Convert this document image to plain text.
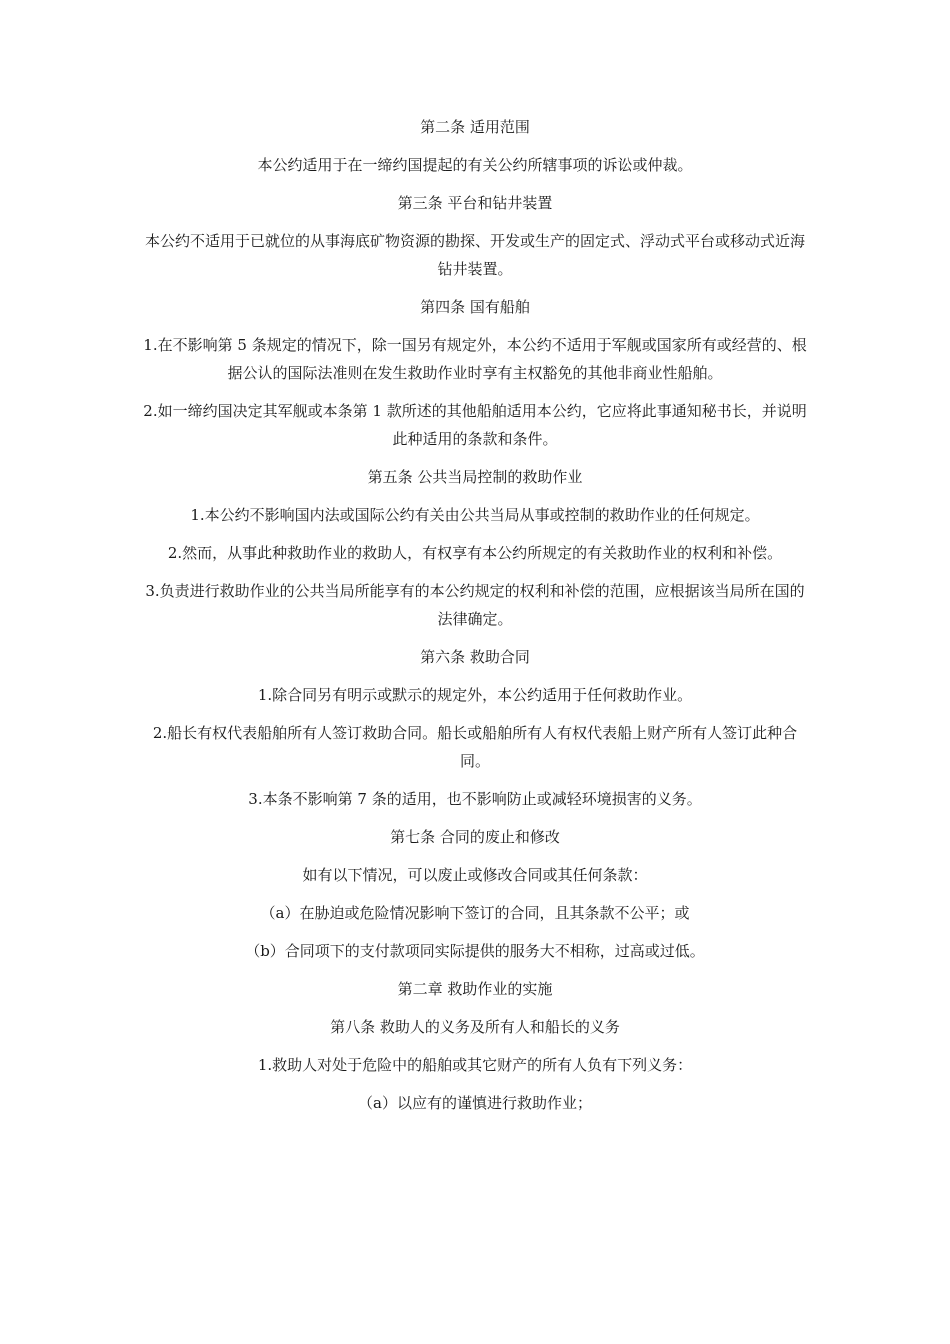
第二条 适用范围

本公约适用于在一缔约国提起的有关公约所辖事项的诉讼或仲裁。

第三条 平台和钻井装置

本公约不适用于已就位的从事海底矿物资源的勘探、开发或生产的固定式、浮动式平台或移动式近海钻井装置。

第四条 国有船舶

1.在不影响第 5 条规定的情况下，除一国另有规定外，本公约不适用于军舰或国家所有或经营的、根据公认的国际法准则在发生救助作业时享有主权豁免的其他非商业性船舶。

2.如一缔约国决定其军舰或本条第 1 款所述的其他船舶适用本公约，它应将此事通知秘书长，并说明此种适用的条款和条件。

第五条 公共当局控制的救助作业

1.本公约不影响国内法或国际公约有关由公共当局从事或控制的救助作业的任何规定。

2.然而，从事此种救助作业的救助人，有权享有本公约所规定的有关救助作业的权利和补偿。

3.负责进行救助作业的公共当局所能享有的本公约规定的权利和补偿的范围，应根据该当局所在国的法律确定。

第六条 救助合同

1.除合同另有明示或默示的规定外，本公约适用于任何救助作业。

2.船长有权代表船舶所有人签订救助合同。船长或船舶所有人有权代表船上财产所有人签订此种合同。

3.本条不影响第 7 条的适用，也不影响防止或减轻环境损害的义务。

第七条 合同的废止和修改

如有以下情况，可以废止或修改合同或其任何条款：

（a）在胁迫或危险情况影响下签订的合同，且其条款不公平；或

（b）合同项下的支付款项同实际提供的服务大不相称，过高或过低。

第二章 救助作业的实施

第八条 救助人的义务及所有人和船长的义务

1.救助人对处于危险中的船舶或其它财产的所有人负有下列义务：

（a）以应有的谨慎进行救助作业；
